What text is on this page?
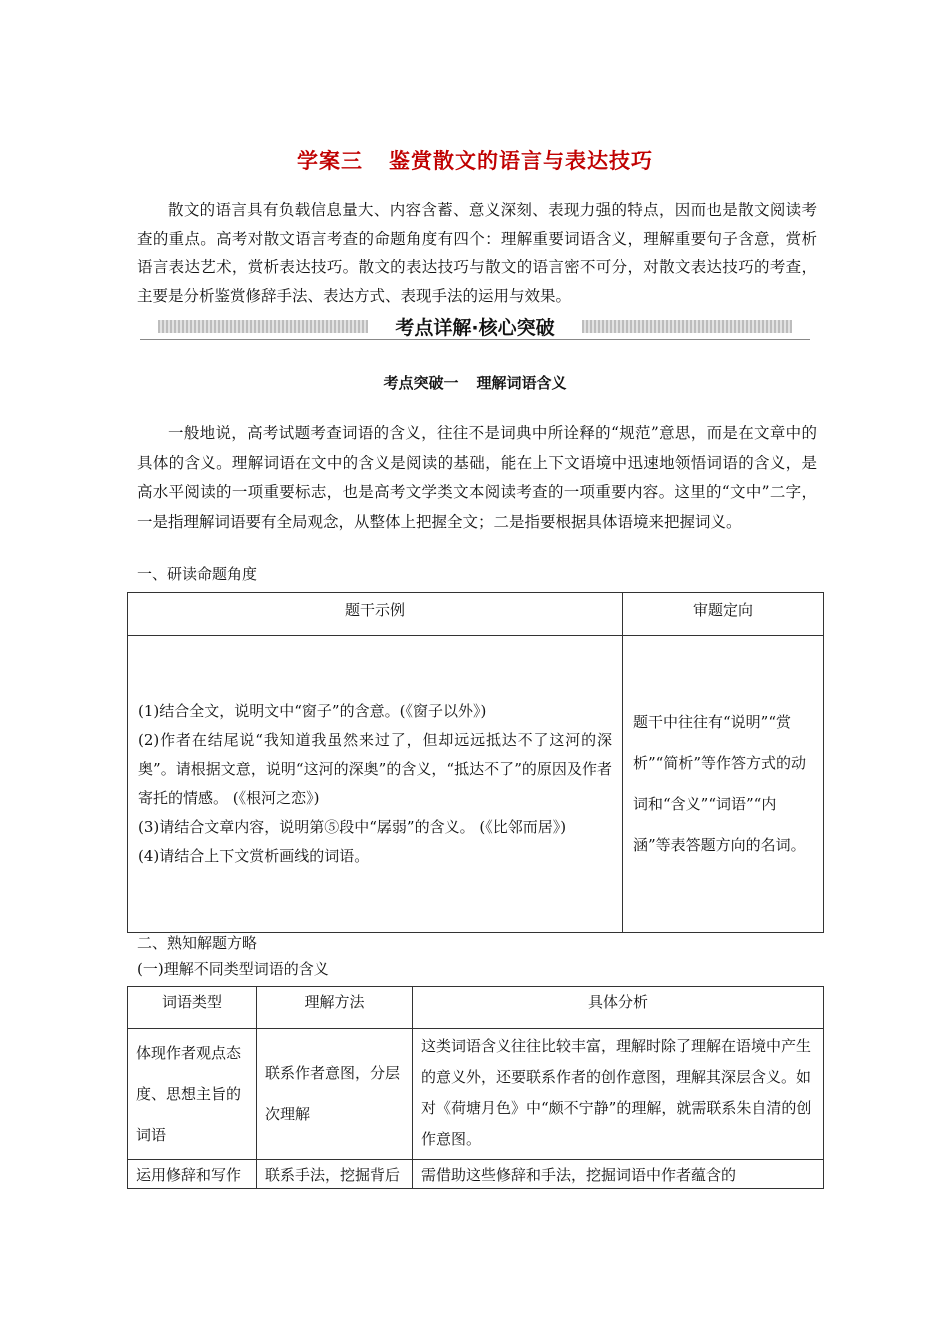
学案三 鉴赏散文的语言与表达技巧
散文的语言具有负载信息量大、内容含蓄、意义深刻、表现力强的特点，因而也是散文阅读考查的重点。高考对散文语言考查的命题角度有四个：理解重要词语含义，理解重要句子含意，赏析语言表达艺术，赏析表达技巧。散文的表达技巧与散文的语言密不可分，对散文表达技巧的考查，主要是分析鉴赏修辞手法、表达方式、表现手法的运用与效果。
考点详解·核心突破
考点突破一 理解词语含义
一般地说，高考试题考查词语的含义，往往不是词典中所诠释的“规范”意思，而是在文章中的具体的含义。理解词语在文中的含义是阅读的基础，能在上下文语境中迅速地领悟词语的含义，是高水平阅读的一项重要标志，也是高考文学类文本阅读考查的一项重要内容。这里的“文中”二字，一是指理解词语要有全局观念，从整体上把握全文；二是指要根据具体语境来把握词义。
一、研读命题角度
题干示例	审题定向

(1)结合全文，说明文中“窗子”的含意。(《窗子以外》)
(2)作者在结尾说“我知道我虽然来过了，但却远远抵达不了这河的深奥”。请根据文意，说明“这河的深奥”的含义，“抵达不了”的原因及作者寄托的情感。 (《根河之恋》)
(3)请结合文章内容，说明第⑤段中“孱弱”的含义。 (《比邻而居》)
(4)请结合上下文赏析画线的词语。	题干中往往有“说明”“赏析”“简析”等作答方式的动词和“含义”“词语”“内涵”等表答题方向的名词。
二、熟知解题方略
(一)理解不同类型词语的含义
词语类型	理解方法	具体分析
体现作者观点态度、思想主旨的词语	联系作者意图，分层次理解	这类词语含义往往比较丰富，理解时除了理解在语境中产生的意义外，还要联系作者的创作意图，理解其深层含义。如对《荷塘月色》中“颇不宁静”的理解，就需联系朱自清的创作意图。
运用修辞和写作	联系手法，挖掘背后	需借助这些修辞和手法，挖掘词语中作者蕴含的
